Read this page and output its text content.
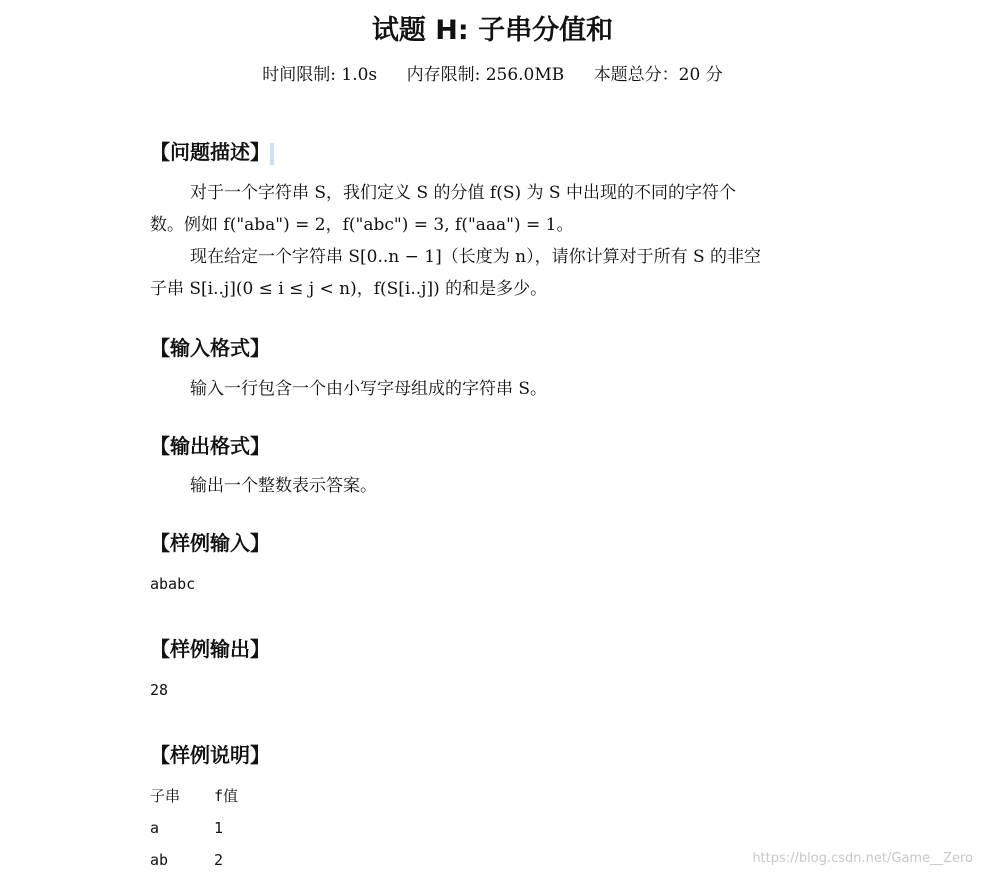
试题 H: 子串分值和
时间限制: 1.0s 内存限制: 256.0MB 本题总分：20 分
【问题描述】
对于一个字符串 S，我们定义 S 的分值 f(S) 为 S 中出现的不同的字符个
数。例如 f("aba") = 2，f("abc") = 3, f("aaa") = 1。
现在给定一个字符串 S[0..n − 1]（长度为 n），请你计算对于所有 S 的非空
子串 S[i..j](0 ≤ i ≤ j < n)，f(S[i..j]) 的和是多少。
【输入格式】
输入一行包含一个由小写字母组成的字符串 S。
【输出格式】
输出一个整数表示答案。
【样例输入】
ababc
【样例输出】
28
【样例说明】
子串	f值
a	1
ab	2	https://blog.csdn.net/Game__Zero
